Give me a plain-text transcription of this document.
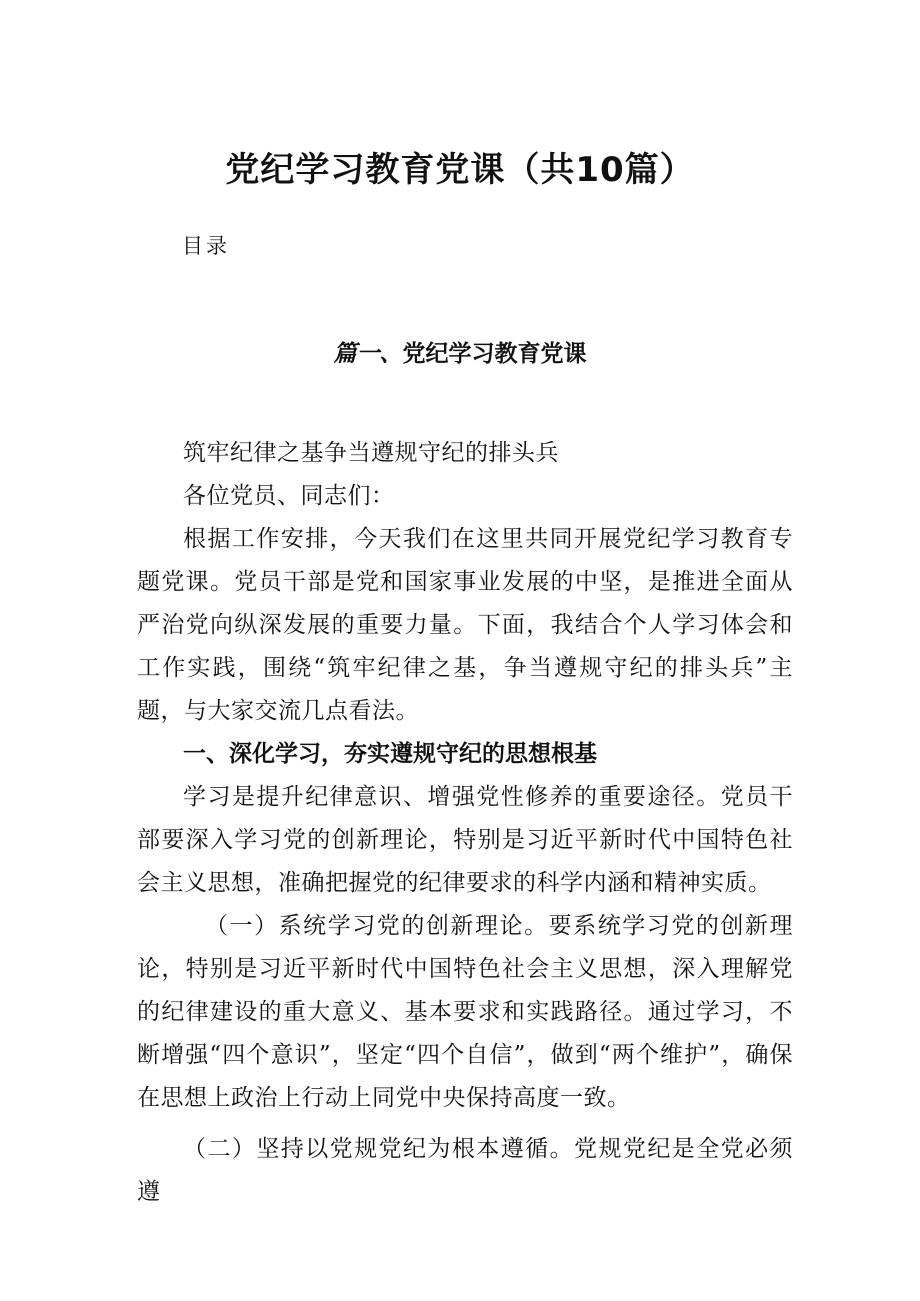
党纪学习教育党课（共10篇）
目录
篇一、党纪学习教育党课

筑牢纪律之基争当遵规守纪的排头兵

各位党员、同志们：

根据工作安排，今天我们在这里共同开展党纪学习教育专题党课。党员干部是党和国家事业发展的中坚，是推进全面从严治党向纵深发展的重要力量。下面，我结合个人学习体会和工作实践，围绕“筑牢纪律之基，争当遵规守纪的排头兵”主题，与大家交流几点看法。

一、深化学习，夯实遵规守纪的思想根基

学习是提升纪律意识、增强党性修养的重要途径。党员干部要深入学习党的创新理论，特别是习近平新时代中国特色社会主义思想，准确把握党的纪律要求的科学内涵和精神实质。

（一）系统学习党的创新理论。要系统学习党的创新理论，特别是习近平新时代中国特色社会主义思想，深入理解党的纪律建设的重大意义、基本要求和实践路径。通过学习，不断增强“四个意识”，坚定“四个自信”，做到“两个维护”，确保在思想上政治上行动上同党中央保持高度一致。

（二）坚持以党规党纪为根本遵循。党规党纪是全党必须遵
